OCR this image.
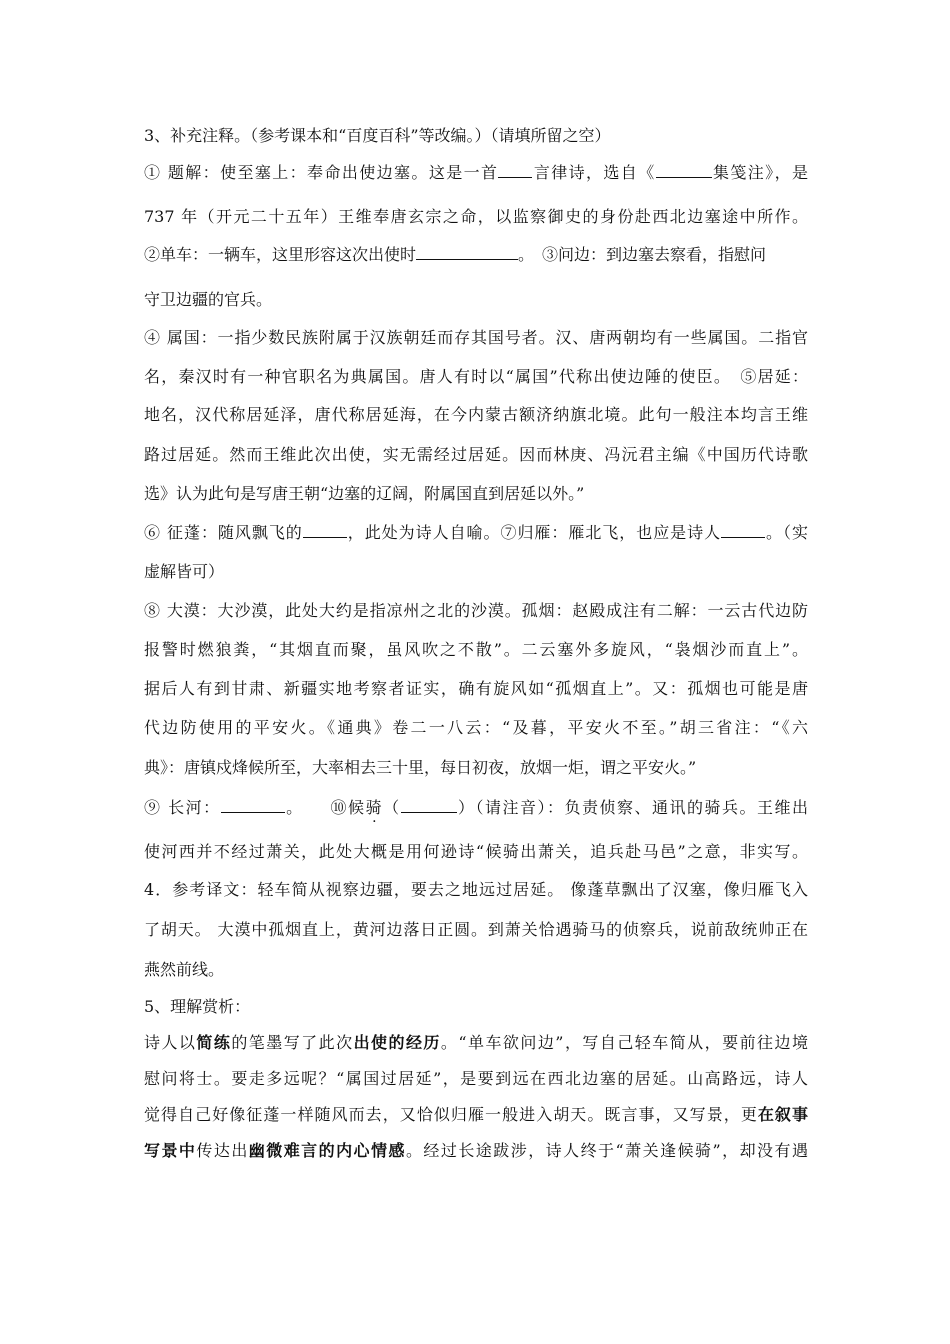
3、补充注释。（参考课本和“百度百科”等改编。）（请填所留之空）
① 题解：使至塞上：奉命出使边塞。这是一首 言律诗，选自《	集笺注》，是
737 年（开元二十五年）王维奉唐玄宗之命，以监察御史的身份赴西北边塞途中所作。
②单车：一辆车，这里形容这次出使时	。　③问边：到边塞去察看，指慰问
守卫边疆的官兵。
④ 属国：一指少数民族附属于汉族朝廷而存其国号者。汉、唐两朝均有一些属国。二指官
名，秦汉时有一种官职名为典属国。唐人有时以“属国”代称出使边陲的使臣。　⑤居延：
地名，汉代称居延泽，唐代称居延海，在今内蒙古额济纳旗北境。此句一般注本均言王维
路过居延。然而王维此次出使，实无需经过居延。因而林庚、冯沅君主编《中国历代诗歌
选》认为此句是写唐王朝“边塞的辽阔，附属国直到居延以外。”
⑥ 征蓬：随风飘飞的	，此处为诗人自喻。⑦归雁：雁北飞，也应是诗人	。（实
虚解皆可）
⑧ 大漠：大沙漠，此处大约是指凉州之北的沙漠。孤烟：赵殿成注有二解：一云古代边防
报警时燃狼粪，“其烟直而聚，虽风吹之不散”。二云塞外多旋风，“袅烟沙而直上”。
据后人有到甘肃、新疆实地考察者证实，确有旋风如“孤烟直上”。又：孤烟也可能是唐
代边防使用的平安火。《通典》卷二一八云：“及暮，平安火不至。”胡三省注：“《六
典》：唐镇戍烽候所至，大率相去三十里，每日初夜，放烟一炬，谓之平安火。”
⑨ 长河：	。　　⑩候骑（	）（请注音）：负责侦察、通讯的骑兵。王维出
使河西并不经过萧关，此处大概是用何逊诗“候骑出萧关，追兵赴马邑”之意，非实写。
4．参考译文：轻车简从视察边疆，要去之地远过居延。 像蓬草飘出了汉塞，像归雁飞入
了胡天。 大漠中孤烟直上，黄河边落日正圆。到萧关恰遇骑马的侦察兵，说前敌统帅正在
燕然前线。
5、理解赏析：
诗人以简练的笔墨写了此次出使的经历。“单车欲问边”，写自己轻车简从，要前往边境
慰问将士。要走多远呢？“属国过居延”，是要到远在西北边塞的居延。山高路远，诗人
觉得自己好像征蓬一样随风而去，又恰似归雁一般进入胡天。既言事，又写景，更在叙事
写景中传达出幽微难言的内心情感。经过长途跋涉，诗人终于“萧关逢候骑”，却没有遇
